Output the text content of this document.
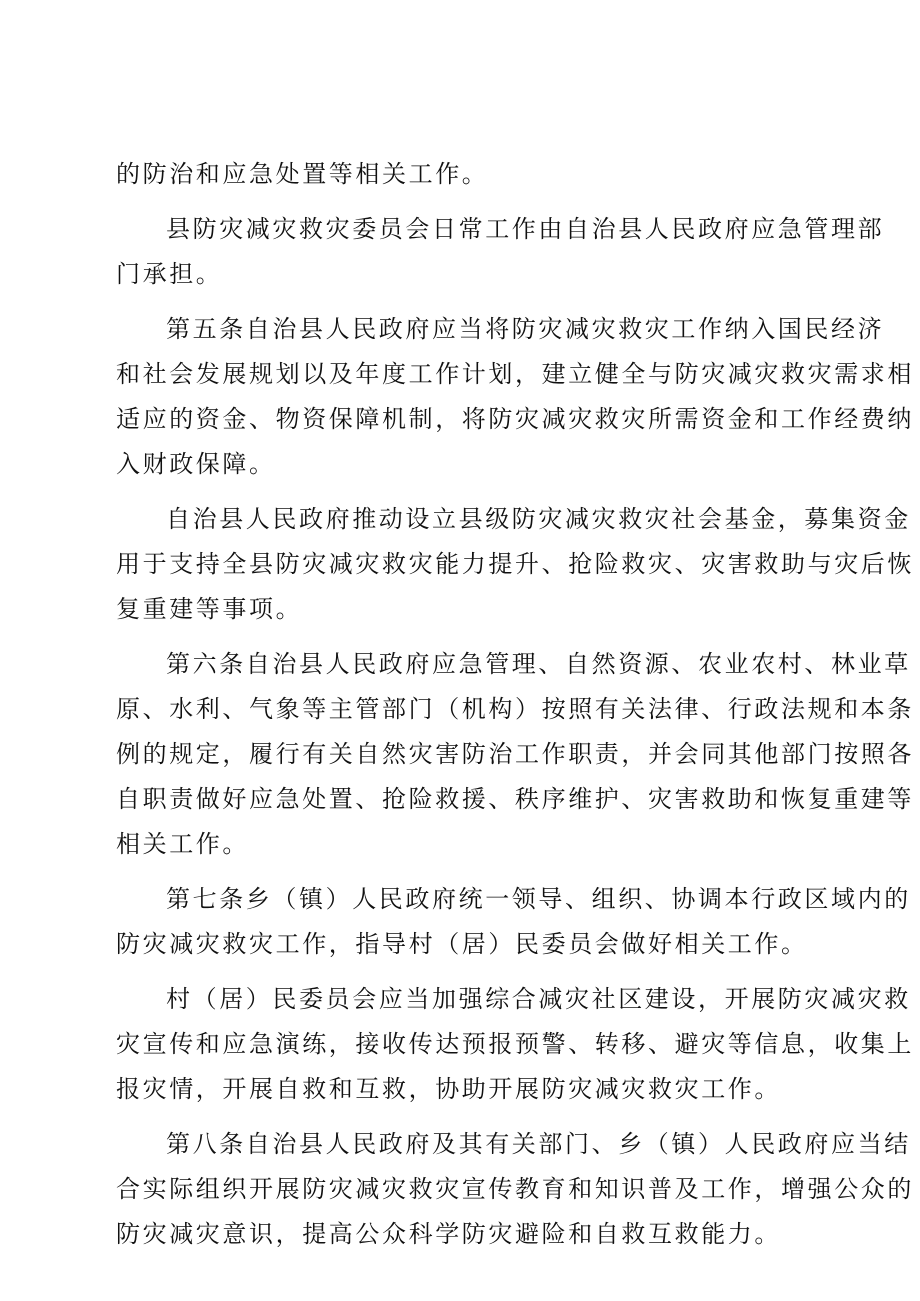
的防治和应急处置等相关工作。
县防灾减灾救灾委员会日常工作由自治县人民政府应急管理部
门承担。
第五条自治县人民政府应当将防灾减灾救灾工作纳入国民经济
和社会发展规划以及年度工作计划，建立健全与防灾减灾救灾需求相
适应的资金、物资保障机制，将防灾减灾救灾所需资金和工作经费纳
入财政保障。
自治县人民政府推动设立县级防灾减灾救灾社会基金，募集资金
用于支持全县防灾减灾救灾能力提升、抢险救灾、灾害救助与灾后恢
复重建等事项。
第六条自治县人民政府应急管理、自然资源、农业农村、林业草
原、水利、气象等主管部门（机构）按照有关法律、行政法规和本条
例的规定，履行有关自然灾害防治工作职责，并会同其他部门按照各
自职责做好应急处置、抢险救援、秩序维护、灾害救助和恢复重建等
相关工作。
第七条乡（镇）人民政府统一领导、组织、协调本行政区域内的
防灾减灾救灾工作，指导村（居）民委员会做好相关工作。
村（居）民委员会应当加强综合减灾社区建设，开展防灾减灾救
灾宣传和应急演练，接收传达预报预警、转移、避灾等信息，收集上
报灾情，开展自救和互救，协助开展防灾减灾救灾工作。
第八条自治县人民政府及其有关部门、乡（镇）人民政府应当结
合实际组织开展防灾减灾救灾宣传教育和知识普及工作，增强公众的
防灾减灾意识，提高公众科学防灾避险和自救互救能力。
